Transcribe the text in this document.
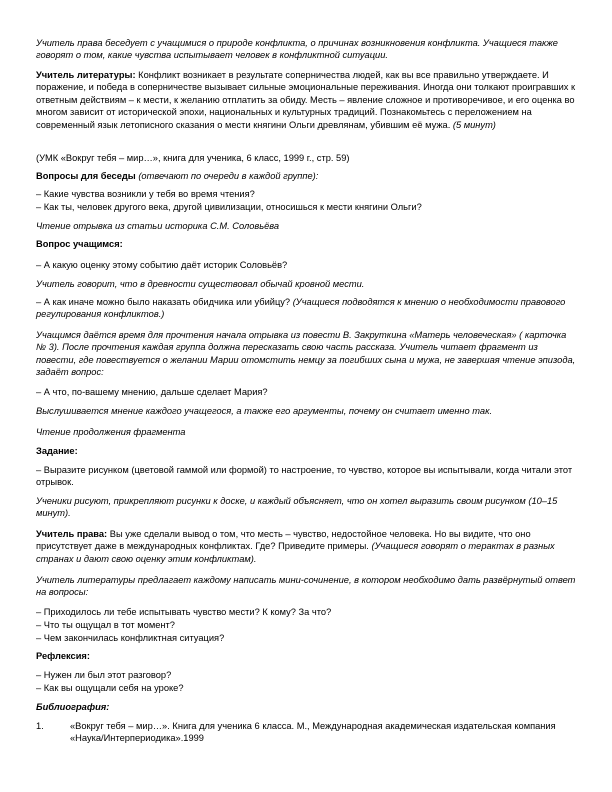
Учитель права беседует с учащимися о природе конфликта, о причинах возникновения конфликта. Учащиеся также говорят о том, какие чувства испытывает человек в конфликтной ситуации.

Учитель литературы: Конфликт возникает в результате соперничества людей, как вы все правильно утверждаете. И поражение, и победа в соперничестве вызывает сильные эмоциональные переживания. Иногда они толкают проигравших к ответным действиям – к мести, к желанию отплатить за обиду. Месть – явление сложное и противоречивое, и его оценка во многом зависит от исторической эпохи, национальных и культурных традиций. Познакомьтесь с переложением на современный язык летописного сказания о мести княгини Ольги древлянам, убившим её мужа. (5 минут)

(УМК «Вокруг тебя – мир…», книга для ученика, 6 класс, 1999 г., стр. 59)

Вопросы для беседы (отвечают по очереди в каждой группе):

– Какие чувства возникли у тебя во время чтения?

– Как ты, человек другого века, другой цивилизации, относишься к мести княгини Ольги?

Чтение отрывка из статьи историка С.М. Соловьёва

Вопрос учащимся:

– А какую оценку этому событию даёт историк Соловьёв?

Учитель говорит, что в древности существовал обычай кровной мести.

– А как иначе можно было наказать обидчика или убийцу? (Учащиеся подводятся к мнению о необходимости правового регулирования конфликтов.)

Учащимся даётся время для прочтения начала отрывка из повести В. Закруткина «Матерь человеческая» ( карточка № 3). После прочтения каждая группа должна пересказать свою часть рассказа. Учитель читает фрагмент из повести, где повествуется о желании Марии отомстить немцу за погибших сына и мужа, не завершая чтение эпизода, задаёт вопрос:

– А что, по-вашему мнению, дальше сделает Мария?

Выслушивается мнение каждого учащегося, а также его аргументы, почему он считает именно так.

Чтение продолжения фрагмента

Задание:

– Выразите рисунком (цветовой гаммой или формой) то настроение, то чувство, которое вы испытывали, когда читали этот отрывок.

Ученики рисуют, прикрепляют рисунки к доске, и каждый объясняет, что он хотел выразить своим рисунком (10–15 минут).

Учитель права: Вы уже сделали вывод о том, что месть – чувство, недостойное человека. Но вы видите, что оно присутствует даже в международных конфликтах. Где? Приведите примеры. (Учащиеся говорят о терактах в разных странах и дают свою оценку этим конфликтам).

Учитель литературы предлагает каждому написать мини-сочинение, в котором необходимо дать развёрнутый ответ на вопросы:

– Приходилось ли тебе испытывать чувство мести? К кому? За что?

– Что ты ощущал в тот момент?

– Чем закончилась конфликтная ситуация?

Рефлексия:

– Нужен ли был этот разговор?

– Как вы ощущали себя на уроке?

Библиография:

1.	«Вокруг тебя – мир…». Книга для ученика 6 класса. М., Международная академическая издательская компания «Наука/Интерпериодика».1999
